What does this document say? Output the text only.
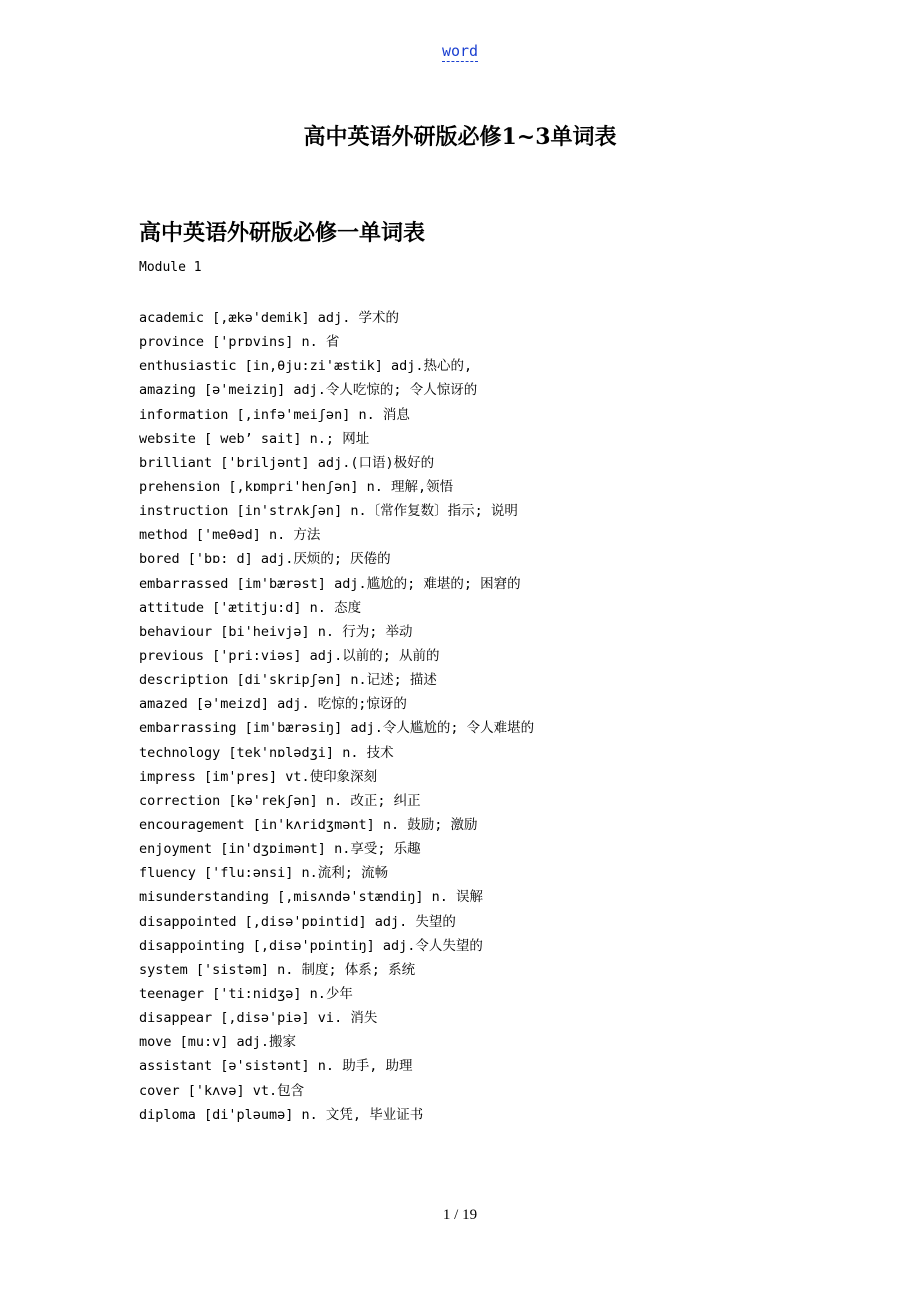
word
高中英语外研版必修1~3单词表
高中英语外研版必修一单词表

Module 1

academic [,ækə'demik] adj. 学术的
province ['prɒvins] n. 省
enthusiastic [in,θju:zi'æstik] adj.热心的,
amazing [ə'meiziŋ] adj.令人吃惊的; 令人惊讶的
information [,infə'meiʃən] n. 消息
website [ web’ sait] n.; 网址
brilliant ['briljənt] adj.(口语)极好的
prehension [,kɒmpri'henʃən] n. 理解,领悟
instruction [in'strʌkʃən] n.〔常作复数〕指示; 说明
method ['meθəd] n. 方法
bored ['bɒ: d] adj.厌烦的; 厌倦的
embarrassed [im'bærəst] adj.尴尬的; 难堪的; 困窘的
attitude ['ætitju:d] n. 态度
behaviour [bi'heivjə] n. 行为; 举动
previous ['pri:viəs] adj.以前的; 从前的
description [di'skripʃən] n.记述; 描述
amazed [ə'meizd] adj. 吃惊的;惊讶的
embarrassing [im'bærəsiŋ] adj.令人尴尬的; 令人难堪的
technology [tek'nɒlədʒi] n. 技术
impress [im'pres] vt.使印象深刻
correction [kə'rekʃən] n. 改正; 纠正
encouragement [in'kʌridʒmənt] n. 鼓励; 激励
enjoyment [in'dʒɒimənt] n.享受; 乐趣
fluency ['flu:ənsi] n.流利; 流畅
misunderstanding [,misʌndə'stændiŋ] n. 误解
disappointed [,disə'pɒintid] adj. 失望的
disappointing [,disə'pɒintiŋ] adj.令人失望的
system ['sistəm] n. 制度; 体系; 系统
teenager ['ti:nidʒə] n.少年
disappear [,disə'piə] vi. 消失
move [mu:v] adj.搬家
assistant [ə'sistənt] n. 助手, 助理
cover ['kʌvə] vt.包含
diploma [di'pləumə] n. 文凭, 毕业证书
1 / 19
